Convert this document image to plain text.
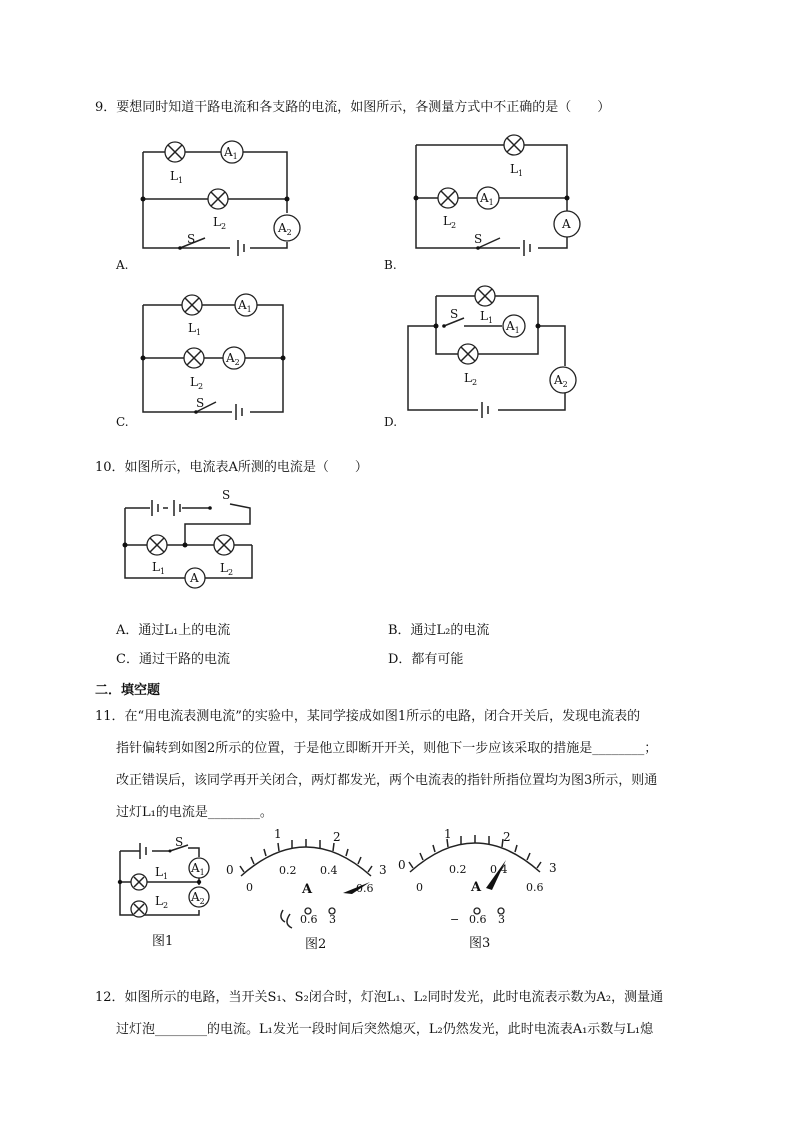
9．要想同时知道干路电流和各支路的电流，如图所示，各测量方式中不正确的是（　　）
$A_1$
$A_2$
$L_1$
$L_2$
S
$A_1$
A
$L_1$
$L_2$
S
$A_1$
$A_2$
$L_1$
$L_2$
S
$A_1$
$A_2$
S $L_1$
$L_2$
A
S
$L_1$	$L_2$
A.	B.
C.	D.
10．如图所示，电流表A所测的电流是（　　）
A．通过L₁上的电流	B．通过L₂的电流
C．通过干路的电流	D．都有可能
二．填空题
11．在“用电流表测电流”的实验中，某同学接成如图1所示的电路，闭合开关后，发现电流表的
指针偏转到如图2所示的位置，于是他立即断开开关，则他下一步应该采取的措施是________；
改正错误后，该同学再开关闭合，两灯都发光，两个电流表的指针所指位置均为图3所示，则通
过灯L₁的电流是________。
$A_1$
$A_2$
S
$L_1$
$L_2$
1	2
3
0
0
0.2 0.4
0.6
A
0.6 3
1	2
3
0
0
0.2 0.4
0.6
A
− 0.6 3
图1	图2	图3
12．如图所示的电路，当开关S₁、S₂闭合时，灯泡L₁、L₂同时发光，此时电流表示数为A₂，测量通
过灯泡________的电流。L₁发光一段时间后突然熄灭，L₂仍然发光，此时电流表A₁示数与L₁熄
